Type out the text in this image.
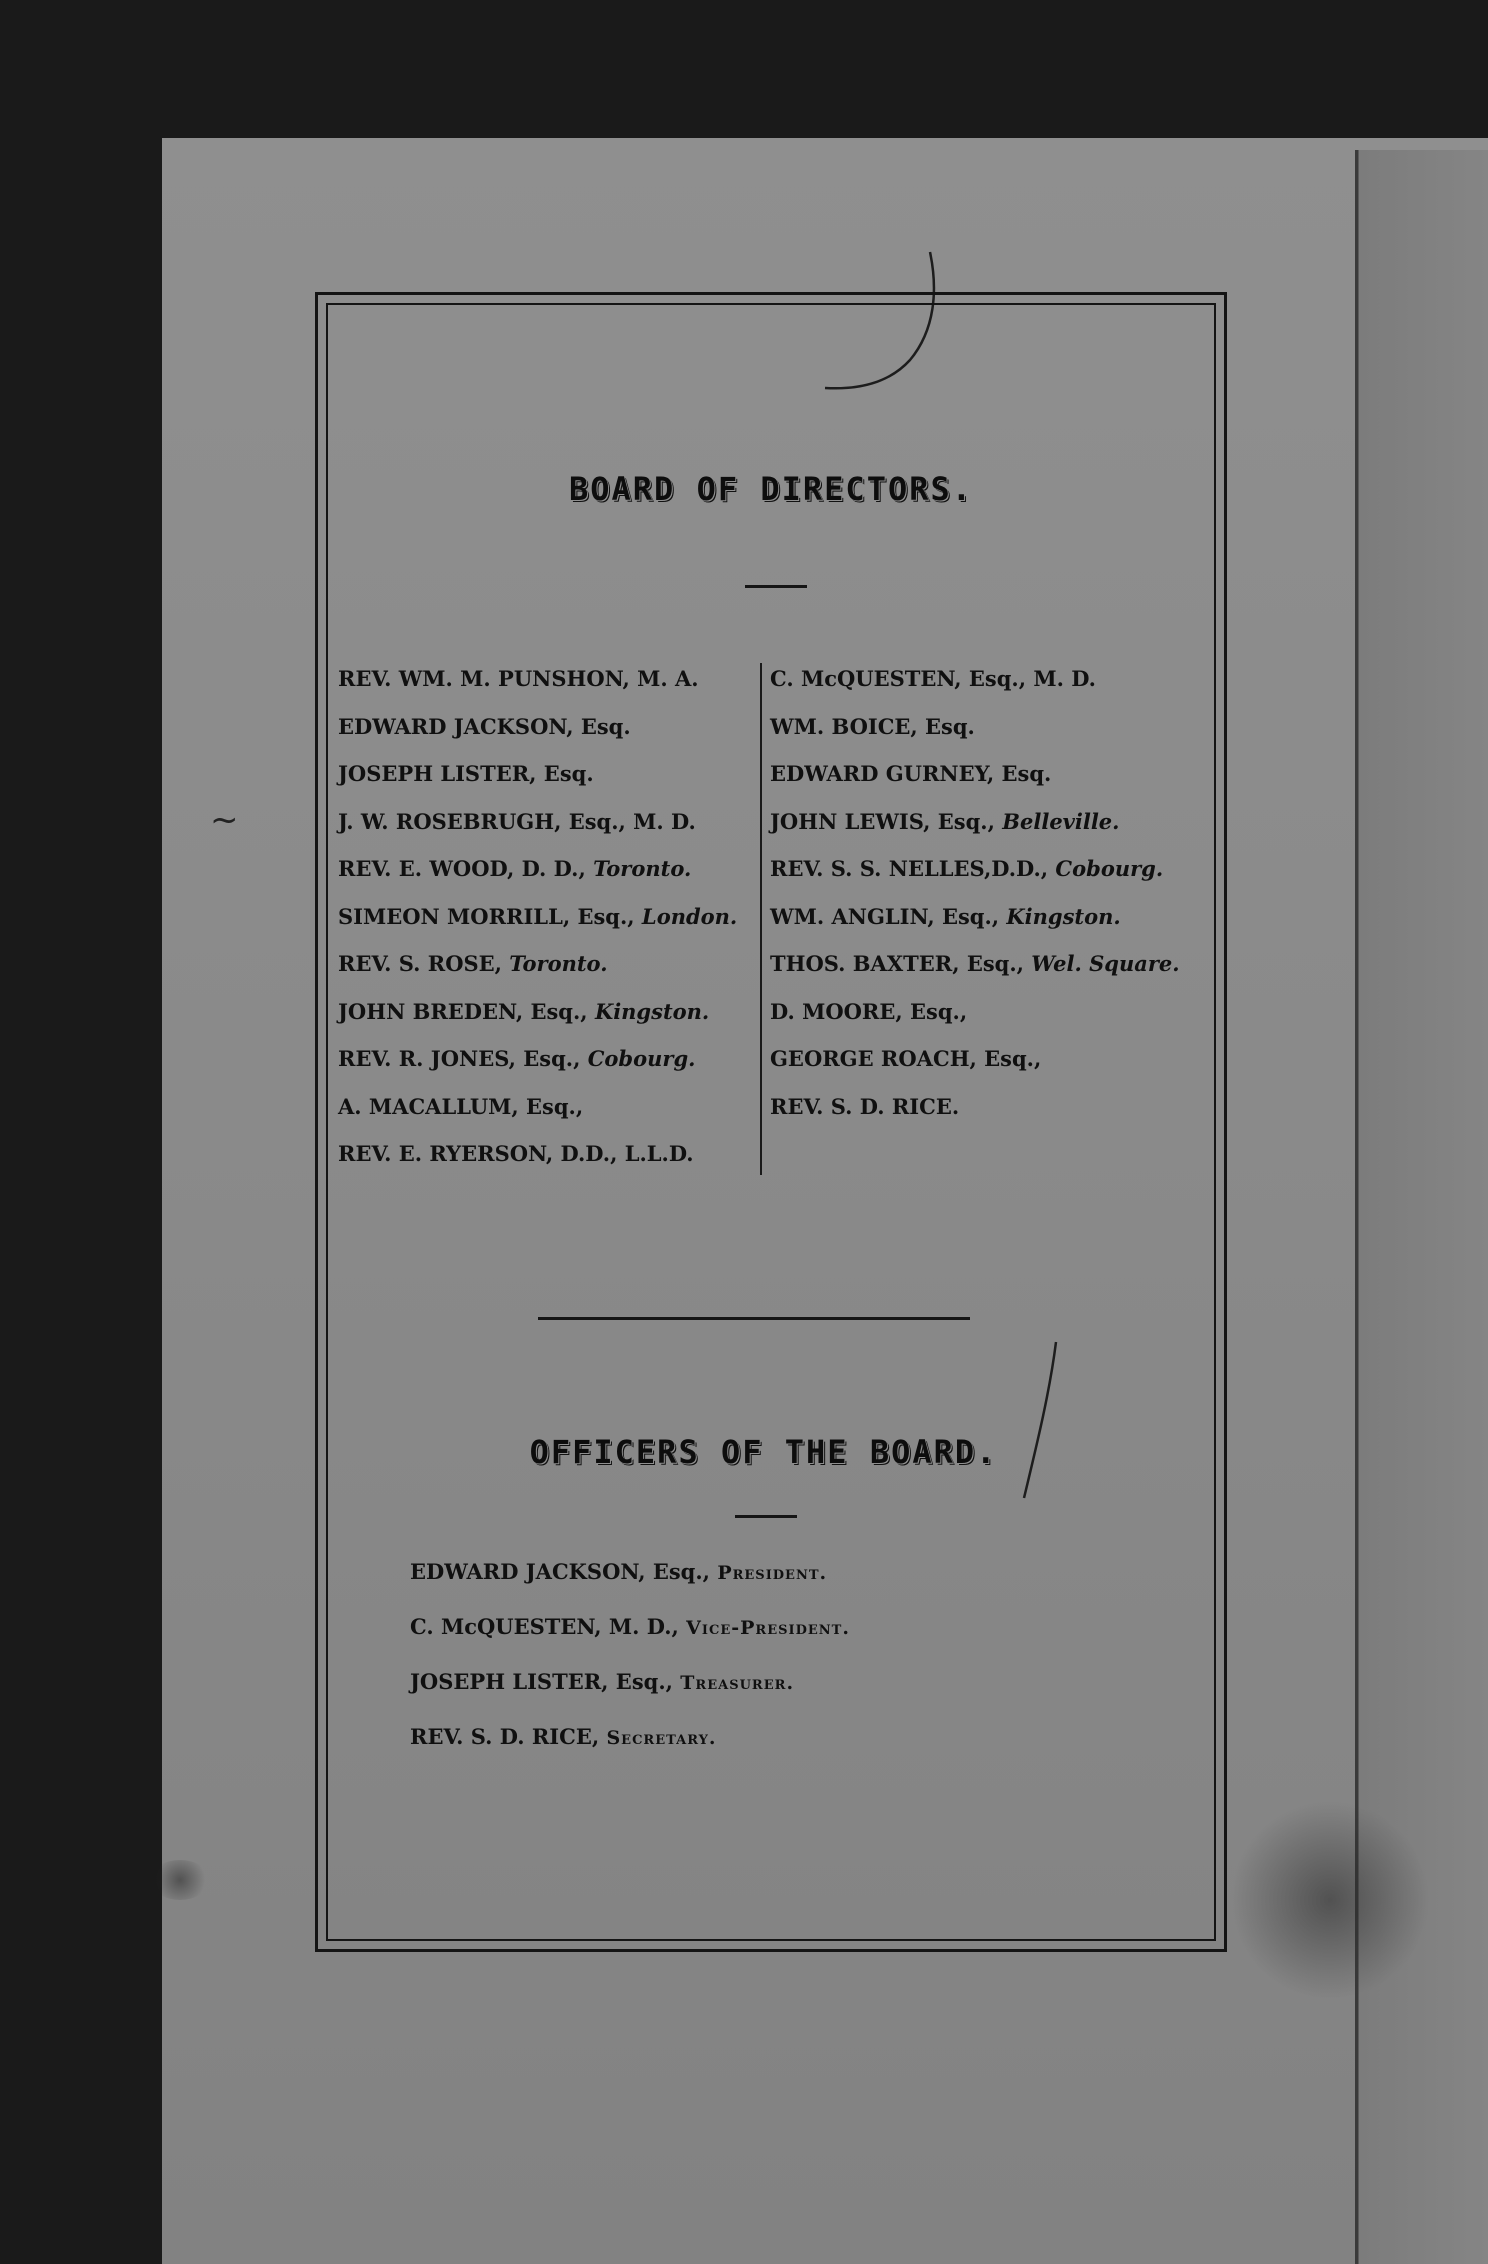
~
BOARD OF DIRECTORS.
REV. WM. M. PUNSHON, M. A.
EDWARD JACKSON, Esq.
JOSEPH LISTER, Esq.
J. W. ROSEBRUGH, Esq., M. D.
REV. E. WOOD, D. D., Toronto.
SIMEON MORRILL, Esq., London.
REV. S. ROSE, Toronto.
JOHN BREDEN, Esq., Kingston.
REV. R. JONES, Esq., Cobourg.
A. MACALLUM, Esq.,
REV. E. RYERSON, D.D., L.L.D.
C. McQUESTEN, Esq., M. D.
WM. BOICE, Esq.
EDWARD GURNEY, Esq.
JOHN LEWIS, Esq., Belleville.
REV. S. S. NELLES,D.D., Cobourg.
WM. ANGLIN, Esq., Kingston.
THOS. BAXTER, Esq., Wel. Square.
D. MOORE, Esq.,
GEORGE ROACH, Esq.,
REV. S. D. RICE.
OFFICERS OF THE BOARD.
EDWARD JACKSON, Esq., President.
C. McQUESTEN, M. D., Vice-President.
JOSEPH LISTER, Esq., Treasurer.
REV. S. D. RICE, Secretary.
